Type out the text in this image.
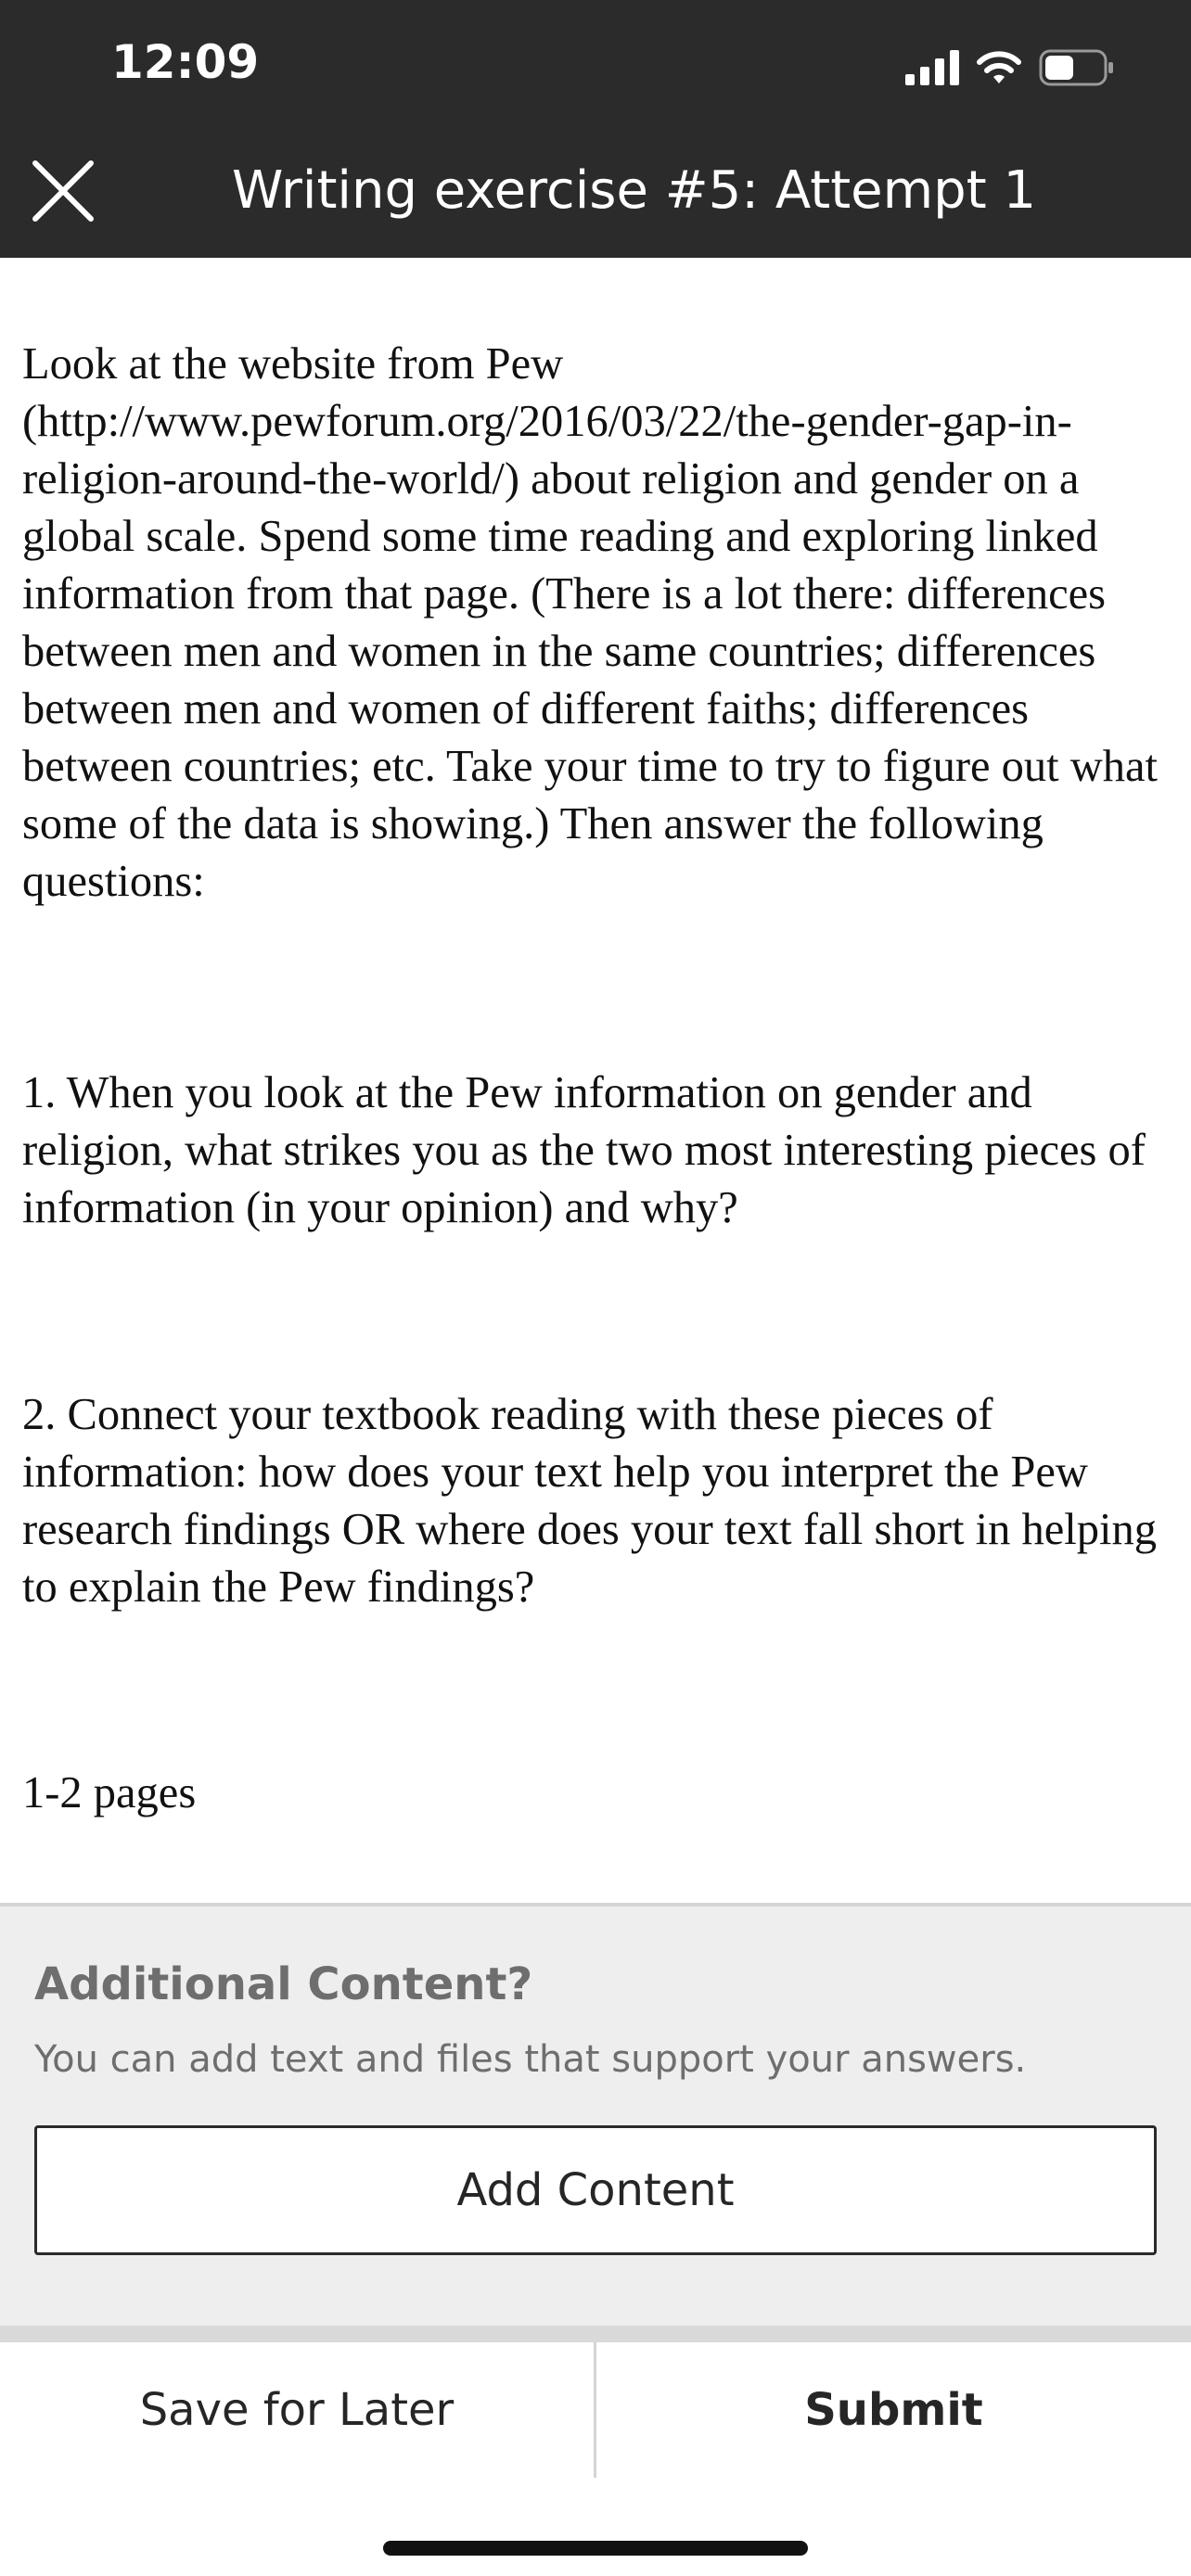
12:09
Writing exercise #5: Attempt 1

Look at the website from Pew (http://www.pewforum.org/2016/03/22/the-gender-gap-in-religion-around-the-world/) about religion and gender on a global scale. Spend some time reading and exploring linked information from that page. (There is a lot there: differences between men and women in the same countries; differences between men and women of different faiths; differences between countries; etc. Take your time to try to figure out what some of the data is showing.) Then answer the following questions:

1. When you look at the Pew information on gender and religion, what strikes you as the two most interesting pieces of information (in your opinion) and why?

2. Connect your textbook reading with these pieces of information: how does your text help you interpret the Pew research findings OR where does your text fall short in helping to explain the Pew findings?

1-2 pages

Additional Content?
You can add text and files that support your answers.
Add Content
Save for Later	Submit
